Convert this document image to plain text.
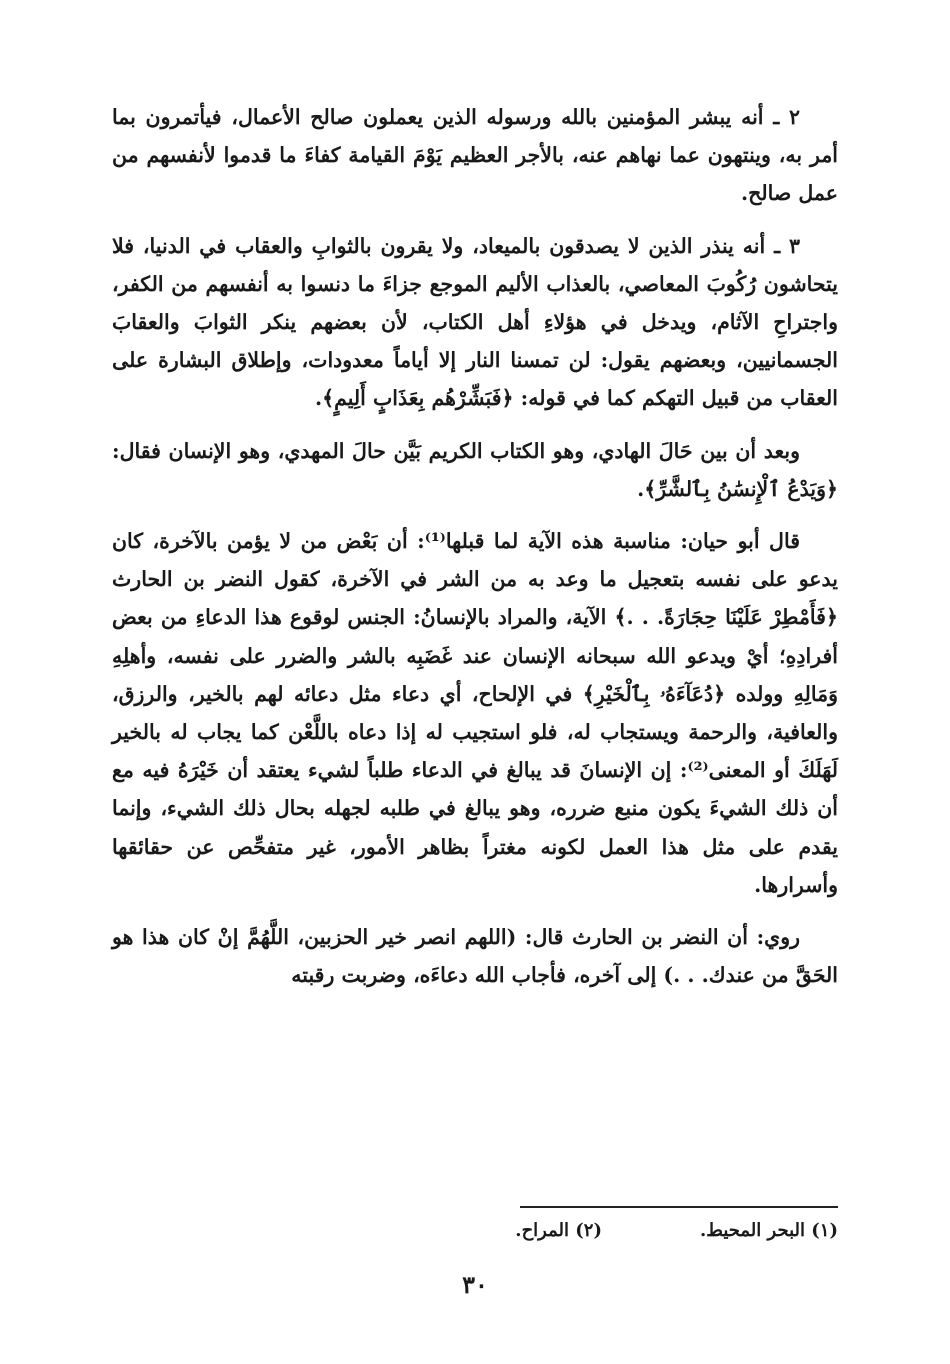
٢ ـ أنه يبشر المؤمنين بالله ورسوله الذين يعملون صالح الأعمال، فيأتمرون بما أمر به، وينتهون عما نهاهم عنه، بالأجر العظيم يَوْمَ القيامة كفاءَ ما قدموا لأنفسهم من عمل صالح.

٣ ـ أنه ينذر الذين لا يصدقون بالميعاد، ولا يقرون بالثوابِ والعقاب في الدنيا، فلا يتحاشون رُكُوبَ المعاصي، بالعذاب الأليم الموجع جزاءَ ما دنسوا به أنفسهم من الكفر، واجتراحِ الآثام، ويدخل في هؤلاءِ أهل الكتاب، لأن بعضهم ينكر الثوابَ والعقابَ الجسمانيين، وبعضهم يقول: لن تمسنا النار إلا أياماً معدودات، وإطلاق البشارة على العقاب من قبيل التهكم كما في قوله: ﴿فَبَشِّرْهُم بِعَذَابٍ أَلِيمٍ﴾.

وبعد أن بين حَالَ الهادي، وهو الكتاب الكريم بَيَّن حالَ المهدي، وهو الإنسان فقال: ﴿وَيَدْعُ ٱلْإِنسَٰنُ بِٱلشَّرِّ﴾.

قال أبو حيان: مناسبة هذه الآية لما قبلها⁽¹⁾: أن بَعْض من لا يؤمن بالآخرة، كان يدعو على نفسه بتعجيل ما وعد به من الشر في الآخرة، كقول النضر بن الحارث ﴿فَأَمْطِرْ عَلَيْنَا حِجَارَةً. . .﴾ الآية، والمراد بالإنسانُ: الجنس لوقوع هذا الدعاءِ من بعض أفرادِهِ؛ أيْ ويدعو الله سبحانه الإنسان عند غَضَبِه بالشر والضرر على نفسه، وأهلِهِ وَمَالِهِ وولده ﴿دُعَآءَهُۥ بِٱلْخَيْرِ﴾ في الإلحاح، أي دعاء مثل دعائه لهم بالخير، والرزق، والعافية، والرحمة ويستجاب له، فلو استجيب له إذا دعاه باللَّعْن كما يجاب له بالخير لَهَلَكَ أو المعنى⁽²⁾: إن الإنسانَ قد يبالغ في الدعاء طلباً لشيء يعتقد أن خَيْرَهُ فيه مع أن ذلك الشيءَ يكون منبع ضرره، وهو يبالغ في طلبه لجهله بحال ذلك الشيء، وإنما يقدم على مثل هذا العمل لكونه مغتراً بظاهر الأمور، غير متفحِّص عن حقائقها وأسرارها.

روي: أن النضر بن الحارث قال: (اللهم انصر خير الحزبين، اللَّهُمَّ إنْ كان هذا هو الحَقَّ من عندك. . .) إلى آخره، فأجاب الله دعاءَه، وضربت رقبته

(١) البحر المحيط.
(٢) المراح.
٣٠
